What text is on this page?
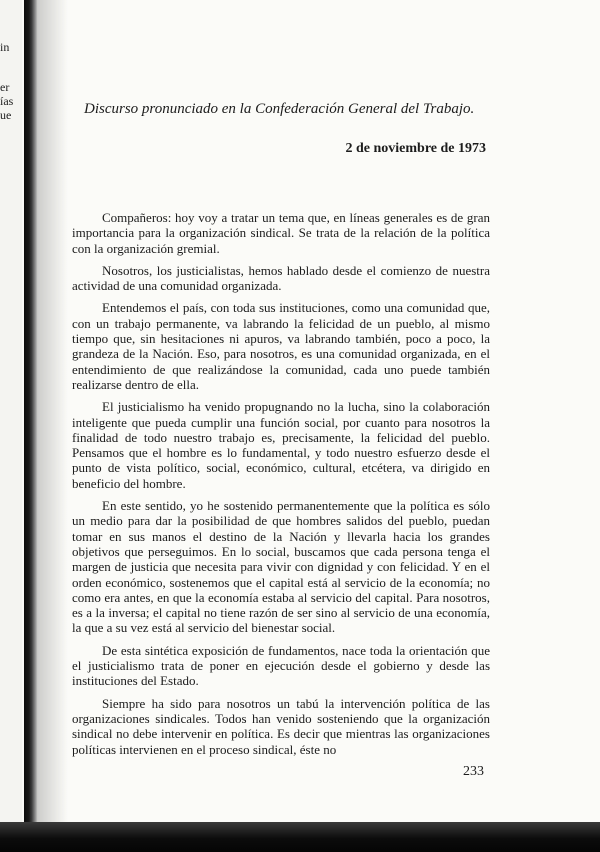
in
er
ías
ue	Discurso pronunciado en la Confederación General del Trabajo.

2 de noviembre de 1973

Compañeros: hoy voy a tratar un tema que, en líneas generales es de gran importancia para la organización sindical. Se trata de la relación de la política con la organización gremial.

Nosotros, los justicialistas, hemos hablado desde el comienzo de nuestra actividad de una comunidad organizada.

Entendemos el país, con toda sus instituciones, como una comunidad que, con un trabajo permanente, va labrando la felicidad de un pueblo, al mismo tiempo que, sin hesitaciones ni apuros, va labrando también, poco a poco, la grandeza de la Nación. Eso, para nosotros, es una comunidad organizada, en el entendimiento de que realizándose la comunidad, cada uno puede también realizarse dentro de ella.

El justicialismo ha venido propugnando no la lucha, sino la colaboración inteligente que pueda cumplir una función social, por cuanto para nosotros la finalidad de todo nuestro trabajo es, precisamente, la felicidad del pueblo. Pensamos que el hombre es lo fundamental, y todo nuestro esfuerzo desde el punto de vista político, social, económico, cultural, etcétera, va dirigido en beneficio del hombre.

En este sentido, yo he sostenido permanentemente que la política es sólo un medio para dar la posibilidad de que hombres salidos del pueblo, puedan tomar en sus manos el destino de la Nación y llevarla hacia los grandes objetivos que perseguimos. En lo social, buscamos que cada persona tenga el margen de justicia que necesita para vivir con dignidad y con felicidad. Y en el orden económico, sostenemos que el capital está al servicio de la economía; no como era antes, en que la economía estaba al servicio del capital. Para nosotros, es a la inversa; el capital no tiene razón de ser sino al servicio de una economía, la que a su vez está al servicio del bienestar social.

De esta sintética exposición de fundamentos, nace toda la orientación que el justicialismo trata de poner en ejecución desde el gobierno y desde las instituciones del Estado.

Siempre ha sido para nosotros un tabú la intervención política de las organizaciones sindicales. Todos han venido sosteniendo que la organización sindical no debe intervenir en política. Es decir que mientras las organizaciones políticas intervienen en el proceso sindical, éste no

233
